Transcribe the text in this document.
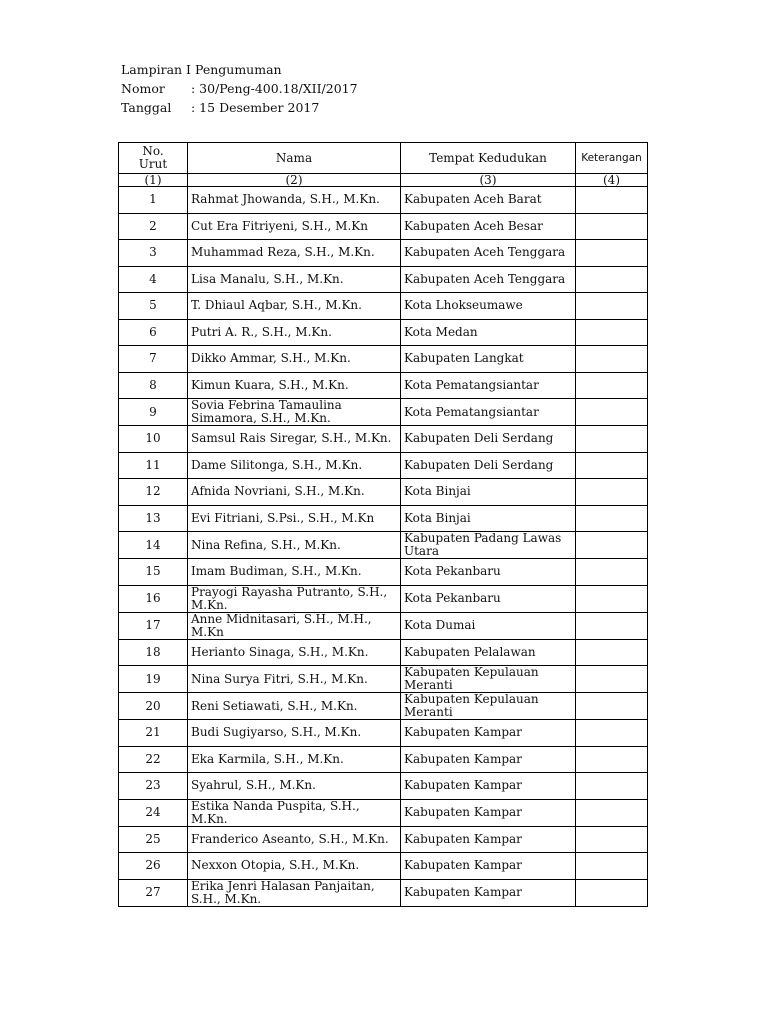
Lampiran I Pengumuman
Nomor	: 30/Peng-400.18/XII/2017
Tanggal	: 15 Desember 2017
No.
Urut	Nama	Tempat Kedudukan	Keterangan
(1)	(2)	(3)	(4)
1	Rahmat Jhowanda, S.H., M.Kn.	Kabupaten Aceh Barat	
2	Cut Era Fitriyeni, S.H., M.Kn	Kabupaten Aceh Besar	
3	Muhammad Reza, S.H., M.Kn.	Kabupaten Aceh Tenggara	
4	Lisa Manalu, S.H., M.Kn.	Kabupaten Aceh Tenggara	
5	T. Dhiaul Aqbar, S.H., M.Kn.	Kota Lhokseumawe	
6	Putri A. R., S.H., M.Kn.	Kota Medan	
7	Dikko Ammar, S.H., M.Kn.	Kabupaten Langkat	
8	Kimun Kuara, S.H., M.Kn.	Kota Pematangsiantar	
9	Sovia Febrina Tamaulina Simamora, S.H., M.Kn.	Kota Pematangsiantar	
10	Samsul Rais Siregar, S.H., M.Kn.	Kabupaten Deli Serdang	
11	Dame Silitonga, S.H., M.Kn.	Kabupaten Deli Serdang	
12	Afnida Novriani, S.H., M.Kn.	Kota Binjai	
13	Evi Fitriani, S.Psi., S.H., M.Kn	Kota Binjai	
14	Nina Refina, S.H., M.Kn.	Kabupaten Padang Lawas Utara	
15	Imam Budiman, S.H., M.Kn.	Kota Pekanbaru	
16	Prayogi Rayasha Putranto, S.H., M.Kn.	Kota Pekanbaru	
17	Anne Midnitasari, S.H., M.H., M.Kn	Kota Dumai	
18	Herianto Sinaga, S.H., M.Kn.	Kabupaten Pelalawan	
19	Nina Surya Fitri, S.H., M.Kn.	Kabupaten Kepulauan Meranti	
20	Reni Setiawati, S.H., M.Kn.	Kabupaten Kepulauan Meranti	
21	Budi Sugiyarso, S.H., M.Kn.	Kabupaten Kampar	
22	Eka Karmila, S.H., M.Kn.	Kabupaten Kampar	
23	Syahrul, S.H., M.Kn.	Kabupaten Kampar	
24	Estika Nanda Puspita, S.H., M.Kn.	Kabupaten Kampar	
25	Franderico Aseanto, S.H., M.Kn.	Kabupaten Kampar	
26	Nexxon Otopia, S.H., M.Kn.	Kabupaten Kampar	
27	Erika Jenri Halasan Panjaitan, S.H., M.Kn.	Kabupaten Kampar	
